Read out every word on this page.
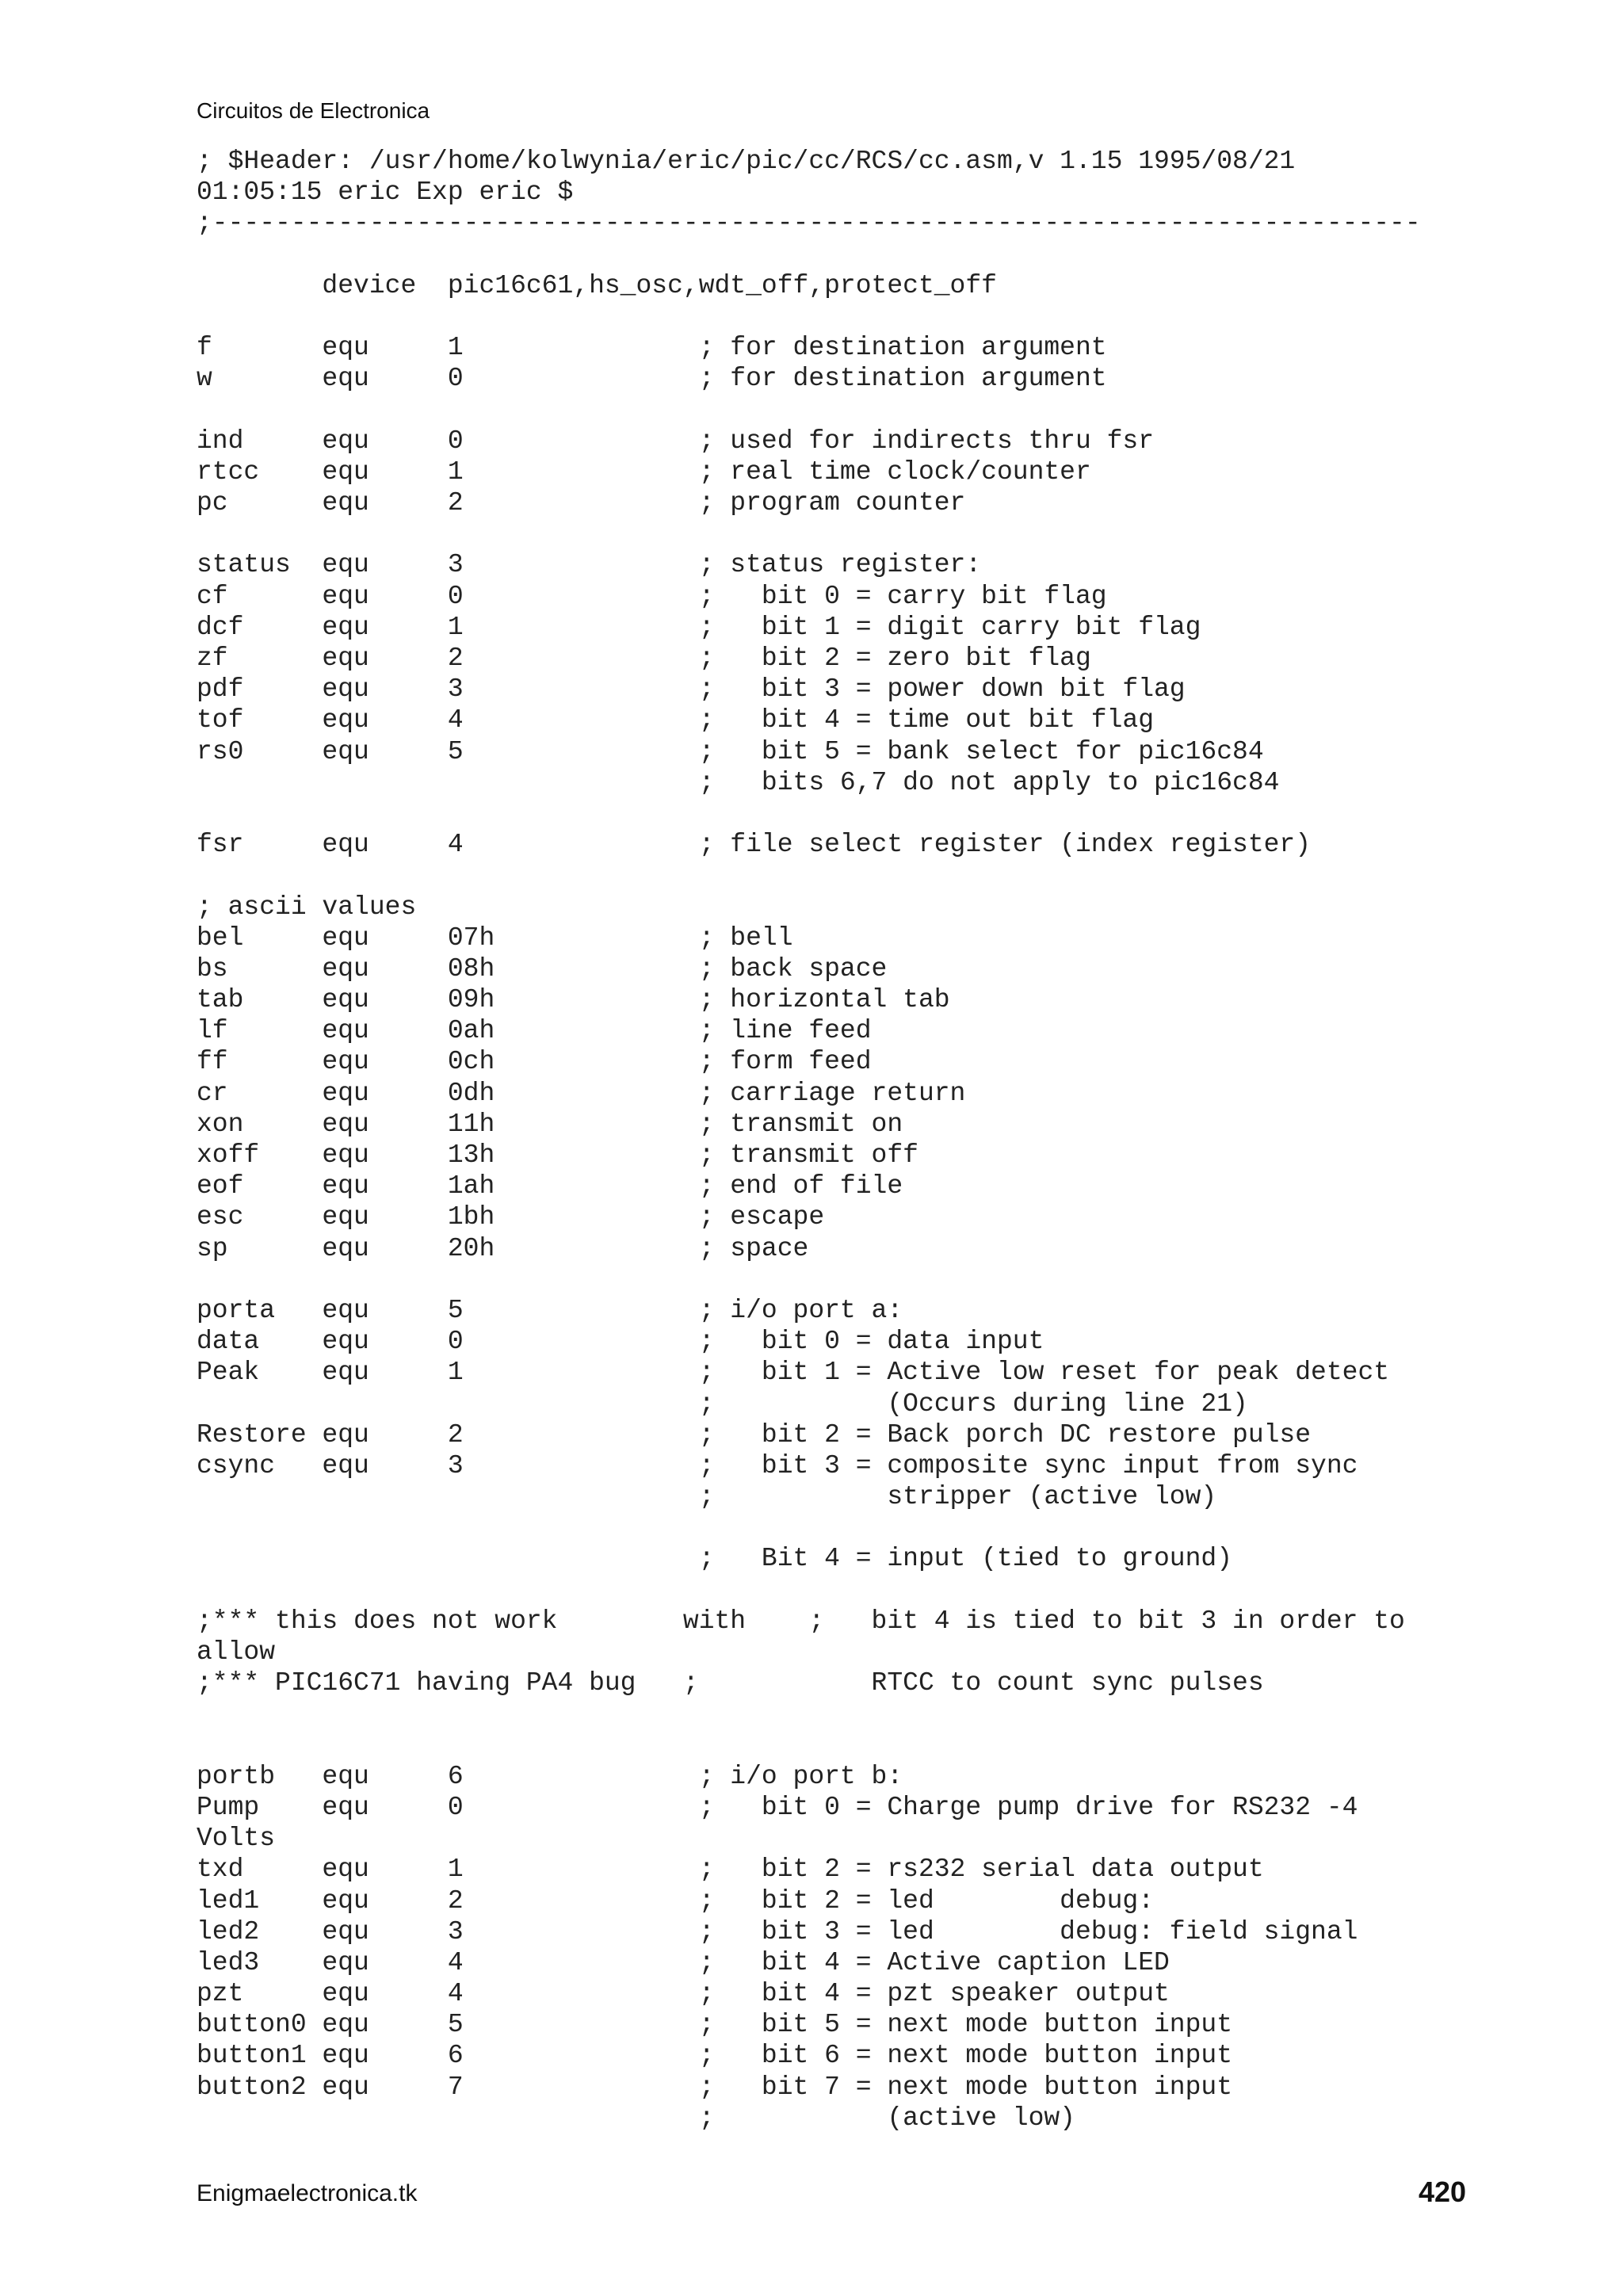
Circuitos de Electronica
; $Header: /usr/home/kolwynia/eric/pic/cc/RCS/cc.asm,v 1.15 1995/08/21
01:05:15 eric Exp eric $
;-----------------------------------------------------------------------------
device  pic16c61,hs_osc,wdt_off,protect_off
f       equ     1               ; for destination argument
w       equ     0               ; for destination argument
ind     equ     0               ; used for indirects thru fsr
rtcc    equ     1               ; real time clock/counter
pc      equ     2               ; program counter
status  equ     3               ; status register:
cf      equ     0               ;   bit 0 = carry bit flag
dcf     equ     1               ;   bit 1 = digit carry bit flag
zf      equ     2               ;   bit 2 = zero bit flag
pdf     equ     3               ;   bit 3 = power down bit flag
tof     equ     4               ;   bit 4 = time out bit flag
rs0     equ     5               ;   bit 5 = bank select for pic16c84
;   bits 6,7 do not apply to pic16c84
fsr     equ     4               ; file select register (index register)
; ascii values
bel     equ     07h             ; bell
bs      equ     08h             ; back space
tab     equ     09h             ; horizontal tab
lf      equ     0ah             ; line feed
ff      equ     0ch             ; form feed
cr      equ     0dh             ; carriage return
xon     equ     11h             ; transmit on
xoff    equ     13h             ; transmit off
eof     equ     1ah             ; end of file
esc     equ     1bh             ; escape
sp      equ     20h             ; space
porta   equ     5               ; i/o port a:
data    equ     0               ;   bit 0 = data input
Peak    equ     1               ;   bit 1 = Active low reset for peak detect
;           (Occurs during line 21)
Restore equ     2               ;   bit 2 = Back porch DC restore pulse
csync   equ     3               ;   bit 3 = composite sync input from sync
;           stripper (active low)
;   Bit 4 = input (tied to ground)
;*** this does not work        with    ;   bit 4 is tied to bit 3 in order to
allow
;*** PIC16C71 having PA4 bug   ;           RTCC to count sync pulses
portb   equ     6               ; i/o port b:
Pump    equ     0               ;   bit 0 = Charge pump drive for RS232 -4
Volts
txd     equ     1               ;   bit 2 = rs232 serial data output
led1    equ     2               ;   bit 2 = led        debug:
led2    equ     3               ;   bit 3 = led        debug: field signal
led3    equ     4               ;   bit 4 = Active caption LED
pzt     equ     4               ;   bit 4 = pzt speaker output
button0 equ     5               ;   bit 5 = next mode button input
button1 equ     6               ;   bit 6 = next mode button input
button2 equ     7               ;   bit 7 = next mode button input
;           (active low)
Enigmaelectronica.tk	420
